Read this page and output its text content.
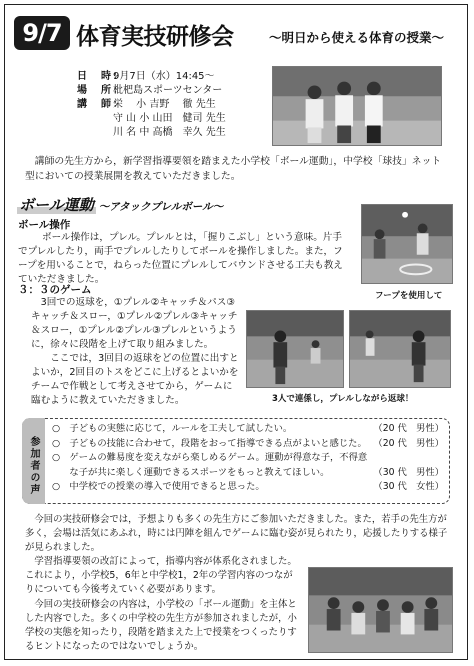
9/7 体育実技研修会	〜明日から使える体育の授業〜
日　時：
9月7日（水）14:45〜
場　所：
枇杷島スポーツセンター
講　師：
栄　 小 吉野　 徹 先生
守 山 小 山田　健司 先生
川 名 中 高橋　幸久 先生
講師の先生方から，新学習指導要領を踏まえた小学校「ボール運動」，中学校「球技」ネット型においての授業展開を教えていただきました。
ボール運動 〜アタックプレルボール〜
ボール操作
ボール操作は，プレル。プレルとは，「握りこぶし」という意味。片手でプレルしたり，両手でプレルしたりしてボールを操作しました。また，フープを用いることで，ねらった位置にプレルしてバウンドさせる工夫も教えていただきました。
フープを使用して
３：３のゲーム
3回での返球を，①プレル②キャッチ＆パス③キャッチ＆スロー，①プレル②プレル③キャッチ＆スロー，①プレル②プレル③プレルというように，徐々に段階を上げて取り組みました。
ここでは，3回目の返球をどの位置に出すとよいか，2回目のトスをどこに上げるとよいかをチームで作戦として考えさせてから，ゲームに臨むように教えていただきました。	3人で連係し，プレルしながら返球！
参加者の声
○　 子どもの実態に応じて，ルールを工夫して試したい。	（20 代　男性）
○　 子どもの技能に合わせて，段階をおって指導できる点がよいと感じた。 （20 代　男性）
○　 ゲームの難易度を変えながら楽しめるゲーム。運動が得意な子，不得意な子が共に楽しく運動できるスポーツをもっと教えてほしい。	（30 代　男性）
○　 中学校での授業の導入で使用できると思った。	（30 代　女性）

今回の実技研修会では，予想よりも多くの先生方にご参加いただきました。また，若手の先生方が多く，会場は活気にあふれ，時には円陣を組んでゲームに臨む姿が見られたり，応援したりする様子が見られました。

学習指導要領の改訂によって，指導内容が体系化されました。これにより，小学校5，6年と中学校1，2年の学習内容のつながりについても今後考えていく必要があります。

今回の実技研修会の内容は，小学校の「ボール運動」を主体とした内容でした。多くの中学校の先生方が参加されましたが，小学校の実態を知ったり，段階を踏まえた上で授業をつくったりするヒントになったのではないでしょうか。
